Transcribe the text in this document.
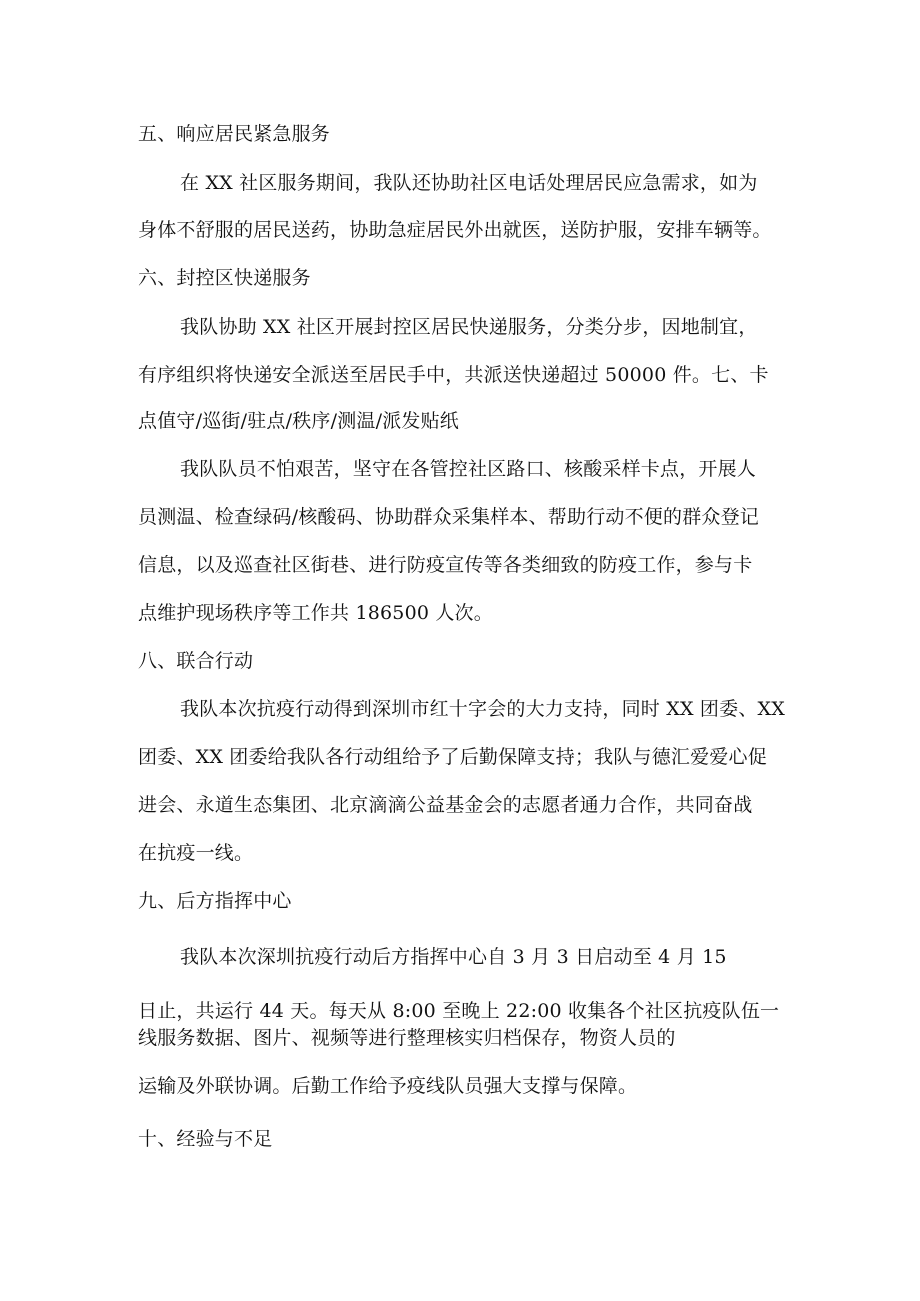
五、响应居民紧急服务
在 XX 社区服务期间，我队还协助社区电话处理居民应急需求，如为
身体不舒服的居民送药，协助急症居民外出就医，送防护服，安排车辆等。
六、封控区快递服务
我队协助 XX 社区开展封控区居民快递服务，分类分步，因地制宜，
有序组织将快递安全派送至居民手中，共派送快递超过 50000 件。七、卡
点值守/巡街/驻点/秩序/测温/派发贴纸
我队队员不怕艰苦，坚守在各管控社区路口、核酸采样卡点，开展人
员测温、检查绿码/核酸码、协助群众采集样本、帮助行动不便的群众登记
信息，以及巡查社区街巷、进行防疫宣传等各类细致的防疫工作，参与卡
点维护现场秩序等工作共 186500 人次。
八、联合行动
我队本次抗疫行动得到深圳市红十字会的大力支持，同时 XX 团委、XX
团委、XX 团委给我队各行动组给予了后勤保障支持；我队与德汇爱爱心促
进会、永道生态集团、北京滴滴公益基金会的志愿者通力合作，共同奋战
在抗疫一线。
九、后方指挥中心
我队本次深圳抗疫行动后方指挥中心自 3 月 3 日启动至 4 月 15
日止，共运行 44 天。每天从 8:00 至晚上 22:00 收集各个社区抗疫队伍一
线服务数据、图片、视频等进行整理核实归档保存，物资人员的
运输及外联协调。后勤工作给予疫线队员强大支撑与保障。
十、经验与不足
